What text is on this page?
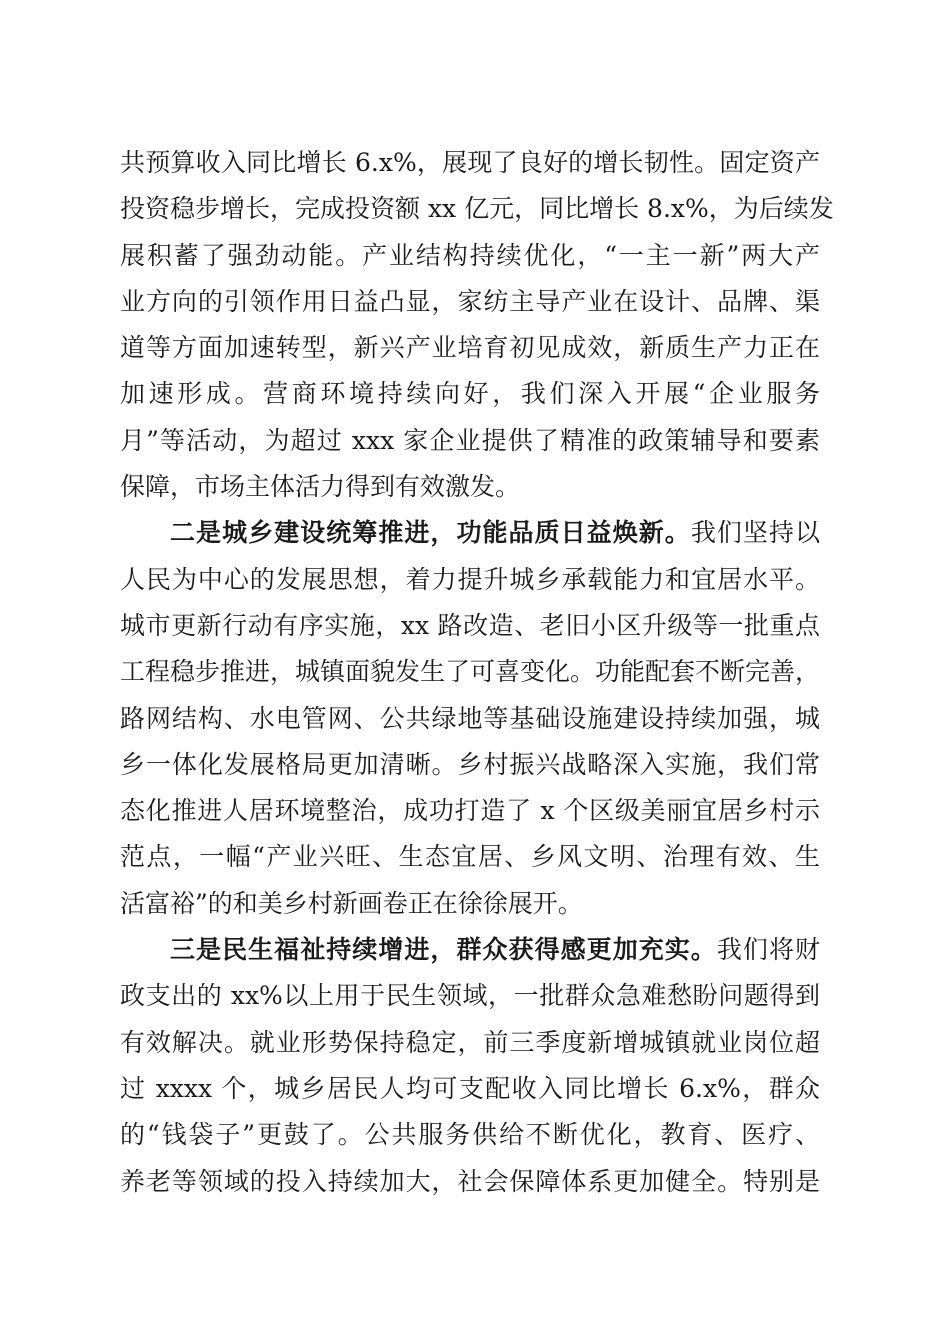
共预算收入同比增长 6.x%，展现了良好的增长韧性。固定资产
投资稳步增长，完成投资额 xx 亿元，同比增长 8.x%，为后续发
展积蓄了强劲动能。产业结构持续优化，“一主一新”两大产
业方向的引领作用日益凸显，家纺主导产业在设计、品牌、渠
道等方面加速转型，新兴产业培育初见成效，新质生产力正在
加速形成。营商环境持续向好，我们深入开展“企业服务
月”等活动，为超过 xxx 家企业提供了精准的政策辅导和要素
保障，市场主体活力得到有效激发。
二是城乡建设统筹推进，功能品质日益焕新。我们坚持以
人民为中心的发展思想，着力提升城乡承载能力和宜居水平。
城市更新行动有序实施，xx 路改造、老旧小区升级等一批重点
工程稳步推进，城镇面貌发生了可喜变化。功能配套不断完善，
路网结构、水电管网、公共绿地等基础设施建设持续加强，城
乡一体化发展格局更加清晰。乡村振兴战略深入实施，我们常
态化推进人居环境整治，成功打造了 x 个区级美丽宜居乡村示
范点，一幅“产业兴旺、生态宜居、乡风文明、治理有效、生
活富裕”的和美乡村新画卷正在徐徐展开。
三是民生福祉持续增进，群众获得感更加充实。我们将财
政支出的 xx%以上用于民生领域，一批群众急难愁盼问题得到
有效解决。就业形势保持稳定，前三季度新增城镇就业岗位超
过 xxxx 个，城乡居民人均可支配收入同比增长 6.x%，群众
的“钱袋子”更鼓了。公共服务供给不断优化，教育、医疗、
养老等领域的投入持续加大，社会保障体系更加健全。特别是
